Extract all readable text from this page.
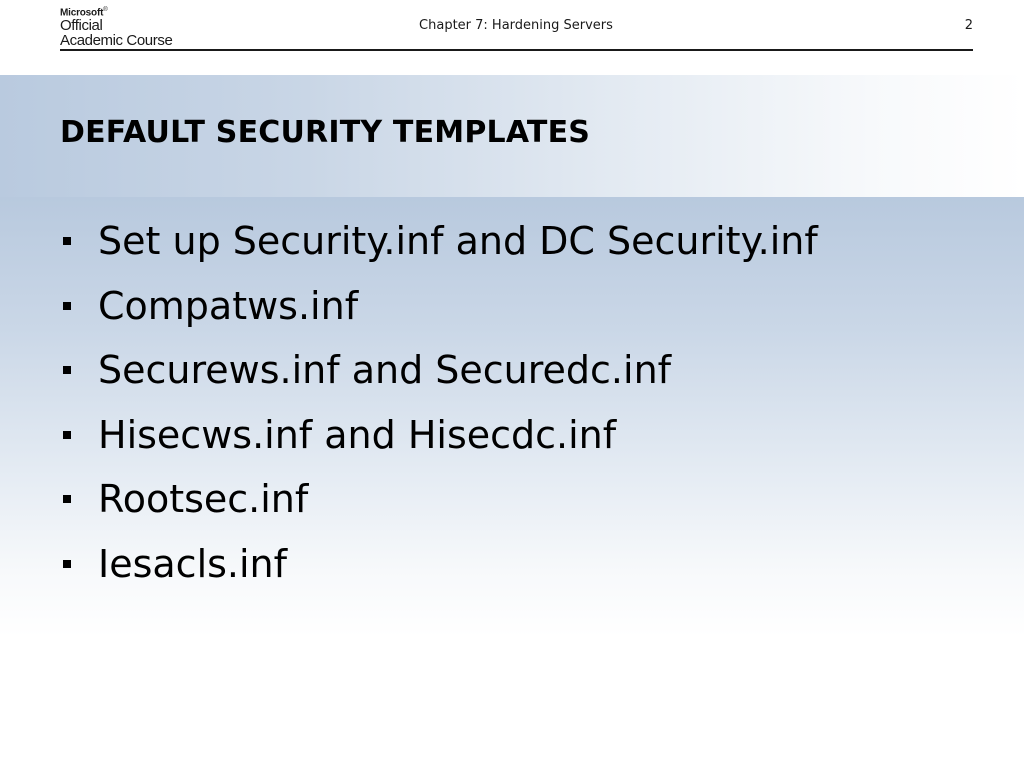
Microsoft®
Official
Academic Course
Chapter 7: Hardening Servers	2
DEFAULT SECURITY TEMPLATES
Set up Security.inf and DC Security.inf
Compatws.inf
Securews.inf and Securedc.inf
Hisecws.inf and Hisecdc.inf
Rootsec.inf
Iesacls.inf
